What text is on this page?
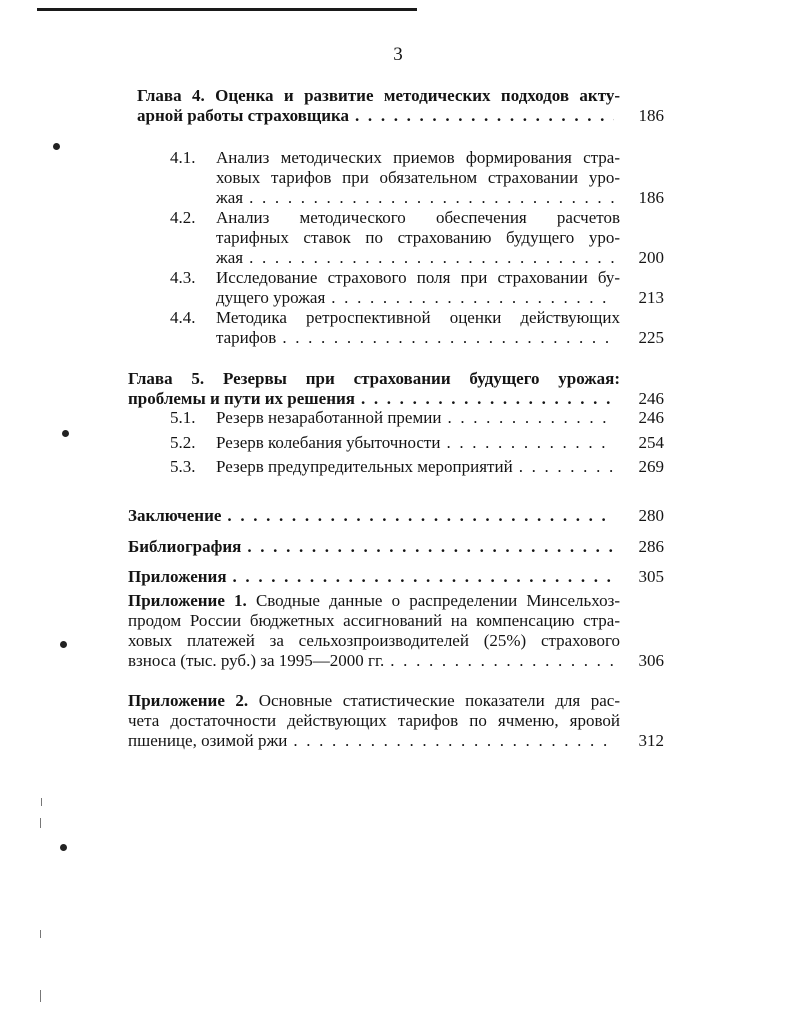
3
Глава 4. Оценка и развитие методических подходов акту-
арной работы страховщика . . .	186
4.1. Анализ методических приемов формирования стра-
ховых тарифов при обязательном страховании уро-
жая . . .	186
4.2. Анализ методического обеспечения расчетов
тарифных ставок по страхованию будущего уро-
жая . . .	200
4.3. Исследование страхового поля при страховании бу-
дущего урожая . . .	213
4.4. Методика ретроспективной оценки действующих
тарифов . . .	225
Глава 5. Резервы при страховании будущего урожая:
проблемы и пути их решения . . .	246
5.1. Резерв незаработанной премии . . .	246
5.2. Резерв колебания убыточности . . .	254
5.3. Резерв предупредительных мероприятий . . .	269
Заключение . . .	280
Библиография . . .	286
Приложения . . .	305
Приложение 1. Сводные данные о распределении Минсельхоз-
продом России бюджетных ассигнований на компенсацию стра-
ховых платежей за сельхозпроизводителей (25%) страхового
взноса (тыс. руб.) за 1995—2000 гг. . . .	306
Приложение 2. Основные статистические показатели для рас-
чета достаточности действующих тарифов по ячменю, яровой
пшенице, озимой ржи . . .	312
